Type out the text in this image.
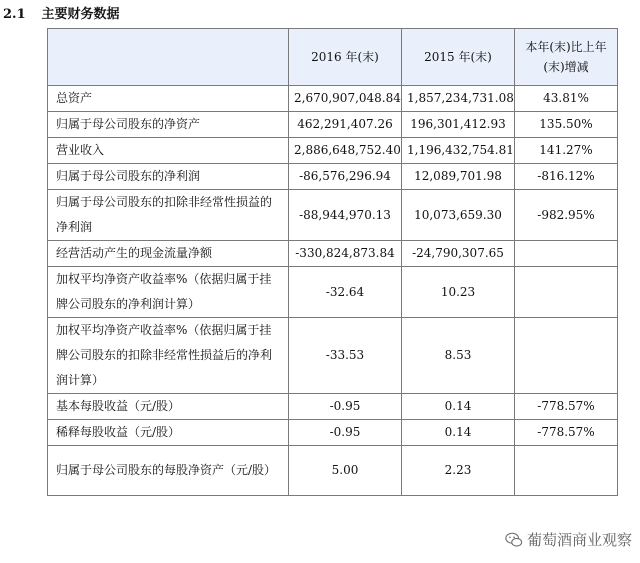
2.1 主要财务数据
	2016 年(末)	2015 年(末)	本年(末)比上年(末)增减
总资产	2,670,907,048.84	1,857,234,731.08	43.81%
归属于母公司股东的净资产	462,291,407.26	196,301,412.93	135.50%
营业收入	2,886,648,752.40	1,196,432,754.81	141.27%
归属于母公司股东的净利润	-86,576,296.94	12,089,701.98	-816.12%
归属于母公司股东的扣除非经常性损益的净利润	-88,944,970.13	10,073,659.30	-982.95%
经营活动产生的现金流量净额	-330,824,873.84	-24,790,307.65	
加权平均净资产收益率%（依据归属于挂牌公司股东的净利润计算）	-32.64	10.23	
加权平均净资产收益率%（依据归属于挂牌公司股东的扣除非经常性损益后的净利润计算）	-33.53	8.53	
基本每股收益（元/股）	-0.95	0.14	-778.57%
稀释每股收益（元/股）	-0.95	0.14	-778.57%
归属于母公司股东的每股净资产（元/股）	5.00	2.23	
葡萄酒商业观察
